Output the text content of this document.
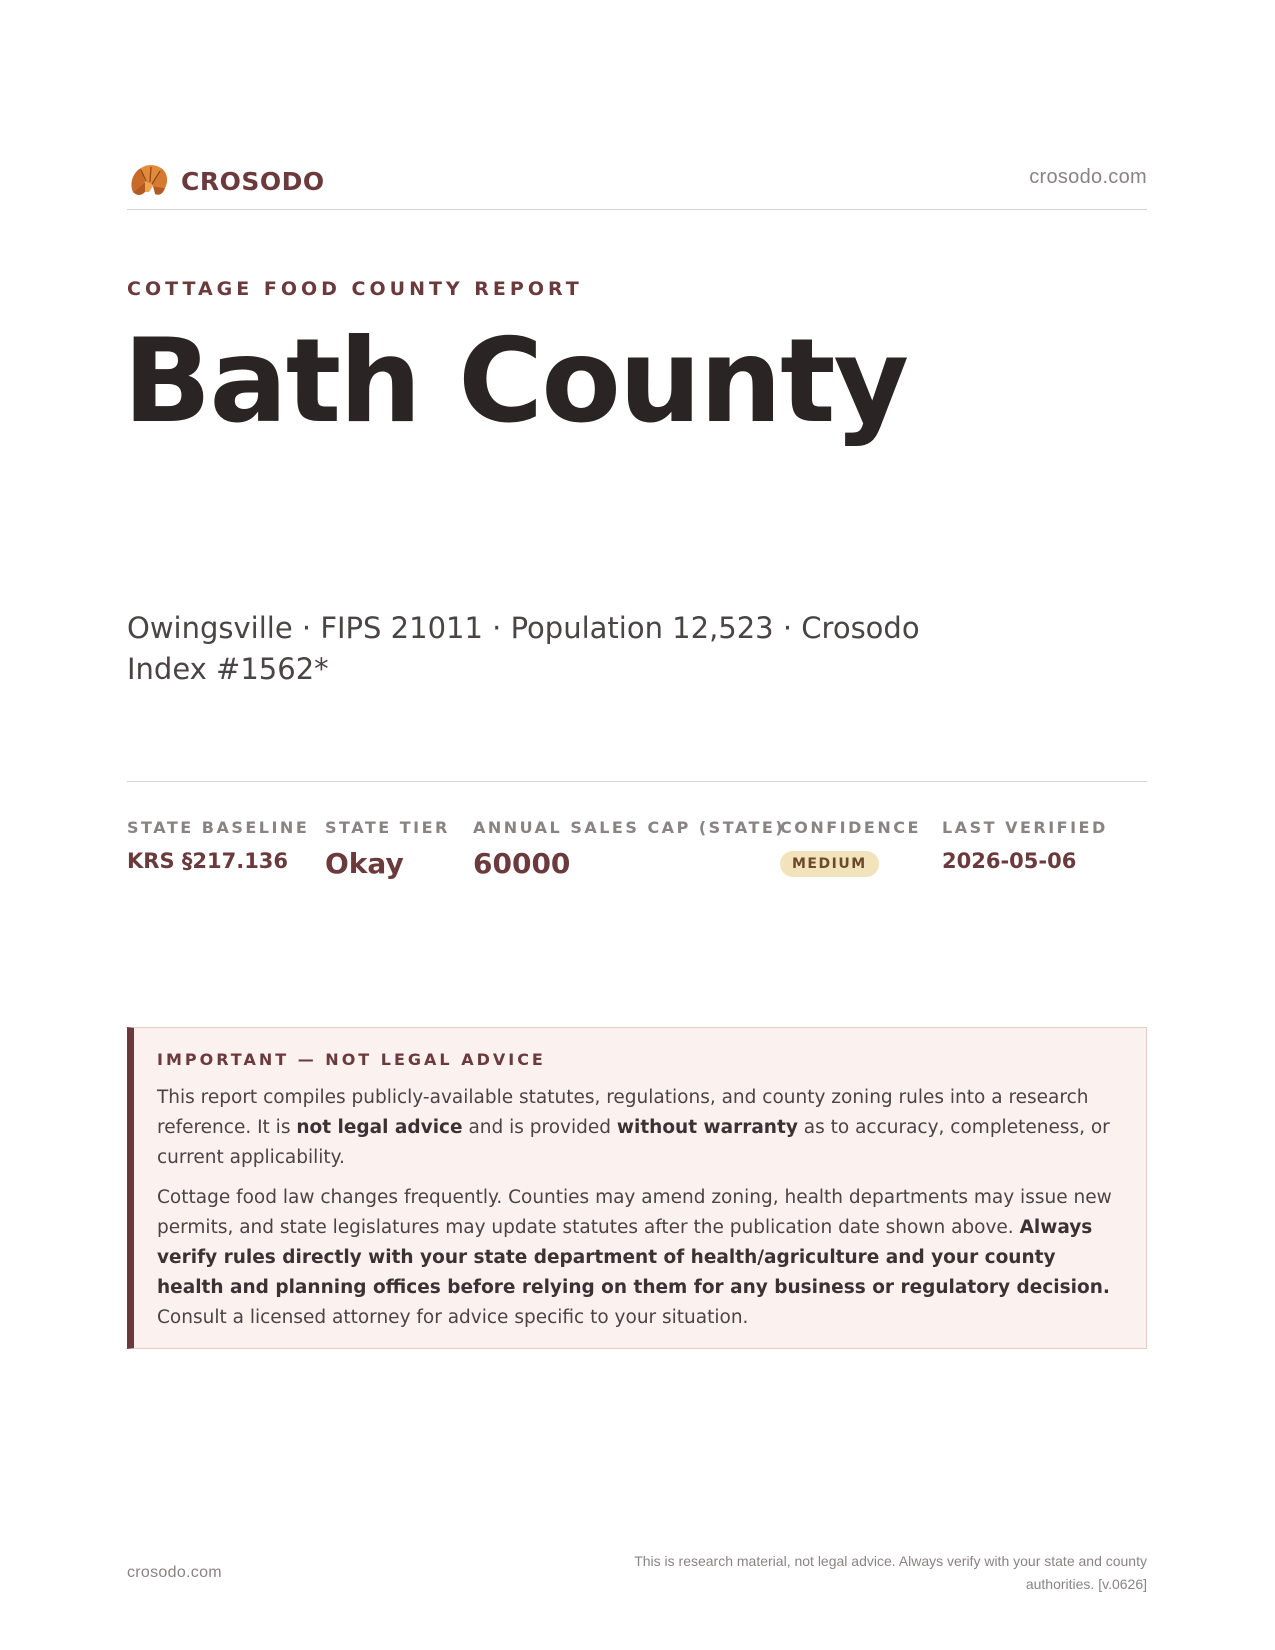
CROSODO	crosodo.com
COTTAGE FOOD COUNTY REPORT
Bath County
Owingsville · FIPS 21011 · Population 12,523 · Crosodo Index #1562*
STATE BASELINE
KRS §217.136
STATE TIER
Okay
ANNUAL SALES CAP (STATE)
60000
CONFIDENCE
MEDIUM
LAST VERIFIED
2026-05-06
IMPORTANT — NOT LEGAL ADVICE

This report compiles publicly-available statutes, regulations, and county zoning rules into a research reference. It is not legal advice and is provided without warranty as to accuracy, completeness, or current applicability.

Cottage food law changes frequently. Counties may amend zoning, health departments may issue new permits, and state legislatures may update statutes after the publication date shown above. Always verify rules directly with your state department of health/agriculture and your county health and planning offices before relying on them for any business or regulatory decision. Consult a licensed attorney for advice specific to your situation.

crosodo.com
This is research material, not legal advice. Always verify with your state and county authorities. [v.0626]
